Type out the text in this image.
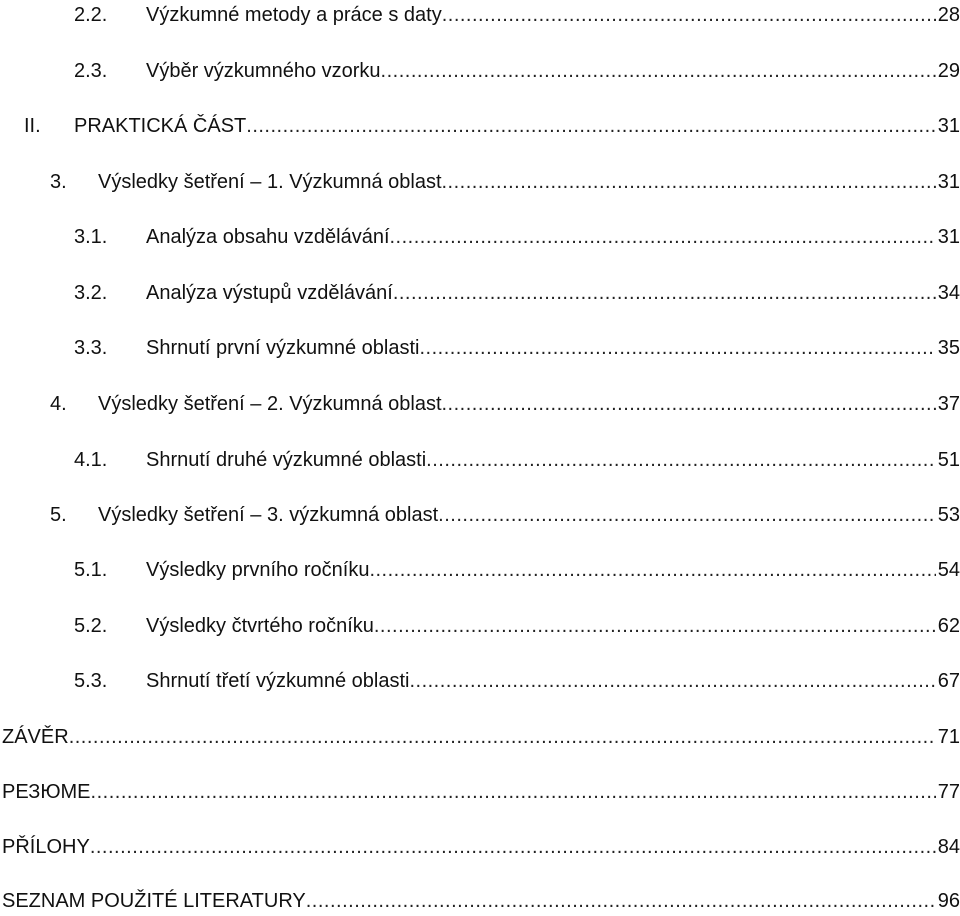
2.2.	Výzkumné metody a práce s daty .....	28
2.3.	Výběr výzkumného vzorku .....	29
II.	PRAKTICKÁ ČÁST .....	31
3.	Výsledky šetření – 1. Výzkumná oblast .....	31
3.1.	Analýza obsahu vzdělávání .....	31
3.2.	Analýza výstupů vzdělávání .....	34
3.3.	Shrnutí první výzkumné oblasti .....	35
4.	Výsledky šetření – 2. Výzkumná oblast .....	37
4.1.	Shrnutí druhé výzkumné oblasti .....	51
5.	Výsledky šetření – 3. výzkumná oblast .....	53
5.1.	Výsledky prvního ročníku .....	54
5.2.	Výsledky čtvrtého ročníku .....	62
5.3.	Shrnutí třetí výzkumné oblasti .....	67
ZÁVĚR .....	71
РЕЗЮМЕ .....	77
PŘÍLOHY .....	84
SEZNAM POUŽITÉ LITERATURY .....	96
